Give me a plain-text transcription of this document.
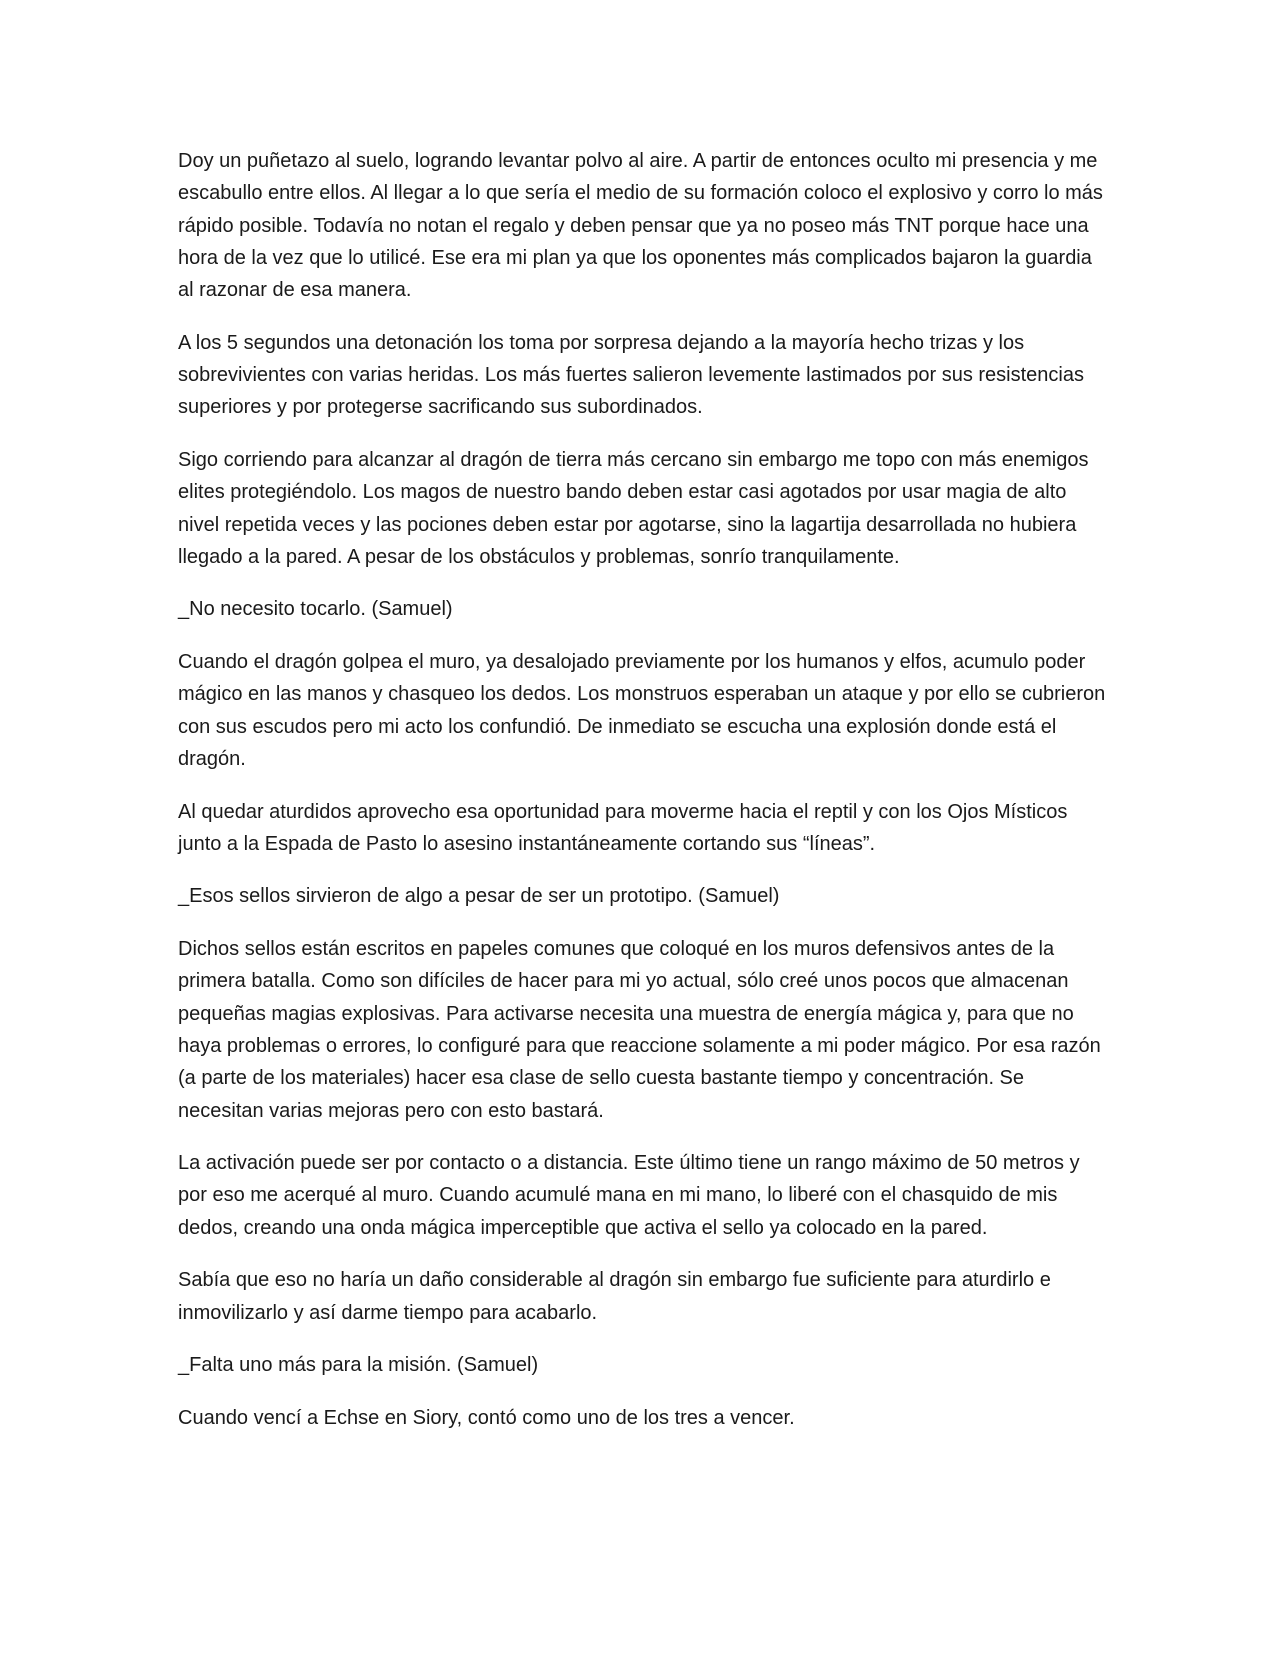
Doy un puñetazo al suelo, logrando levantar polvo al aire. A partir de entonces oculto mi presencia y me escabullo entre ellos. Al llegar a lo que sería el medio de su formación coloco el explosivo y corro lo más rápido posible. Todavía no notan el regalo y deben pensar que ya no poseo más TNT porque hace una hora de la vez que lo utilicé. Ese era mi plan ya que los oponentes más complicados bajaron la guardia al razonar de esa manera.

A los 5 segundos una detonación los toma por sorpresa dejando a la mayoría hecho trizas y los sobrevivientes con varias heridas. Los más fuertes salieron levemente lastimados por sus resistencias superiores y por protegerse sacrificando sus subordinados.

Sigo corriendo para alcanzar al dragón de tierra más cercano sin embargo me topo con más enemigos elites protegiéndolo. Los magos de nuestro bando deben estar casi agotados por usar magia de alto nivel repetida veces y las pociones deben estar por agotarse, sino la lagartija desarrollada no hubiera llegado a la pared. A pesar de los obstáculos y problemas, sonrío tranquilamente.

_No necesito tocarlo. (Samuel)

Cuando el dragón golpea el muro, ya desalojado previamente por los humanos y elfos, acumulo poder mágico en las manos y chasqueo los dedos. Los monstruos esperaban un ataque y por ello se cubrieron con sus escudos pero mi acto los confundió. De inmediato se escucha una explosión donde está el dragón.

Al quedar aturdidos aprovecho esa oportunidad para moverme hacia el reptil y con los Ojos Místicos junto a la Espada de Pasto lo asesino instantáneamente cortando sus “líneas”.

_Esos sellos sirvieron de algo a pesar de ser un prototipo. (Samuel)

Dichos sellos están escritos en papeles comunes que coloqué en los muros defensivos antes de la primera batalla. Como son difíciles de hacer para mi yo actual, sólo creé unos pocos que almacenan pequeñas magias explosivas. Para activarse necesita una muestra de energía mágica y, para que no haya problemas o errores, lo configuré para que reaccione solamente a mi poder mágico. Por esa razón (a parte de los materiales) hacer esa clase de sello cuesta bastante tiempo y concentración. Se necesitan varias mejoras pero con esto bastará.

La activación puede ser por contacto o a distancia. Este último tiene un rango máximo de 50 metros y por eso me acerqué al muro. Cuando acumulé mana en mi mano, lo liberé con el chasquido de mis dedos, creando una onda mágica imperceptible que activa el sello ya colocado en la pared.

Sabía que eso no haría un daño considerable al dragón sin embargo fue suficiente para aturdirlo e inmovilizarlo y así darme tiempo para acabarlo.

_Falta uno más para la misión. (Samuel)

Cuando vencí a Echse en Siory, contó como uno de los tres a vencer.
